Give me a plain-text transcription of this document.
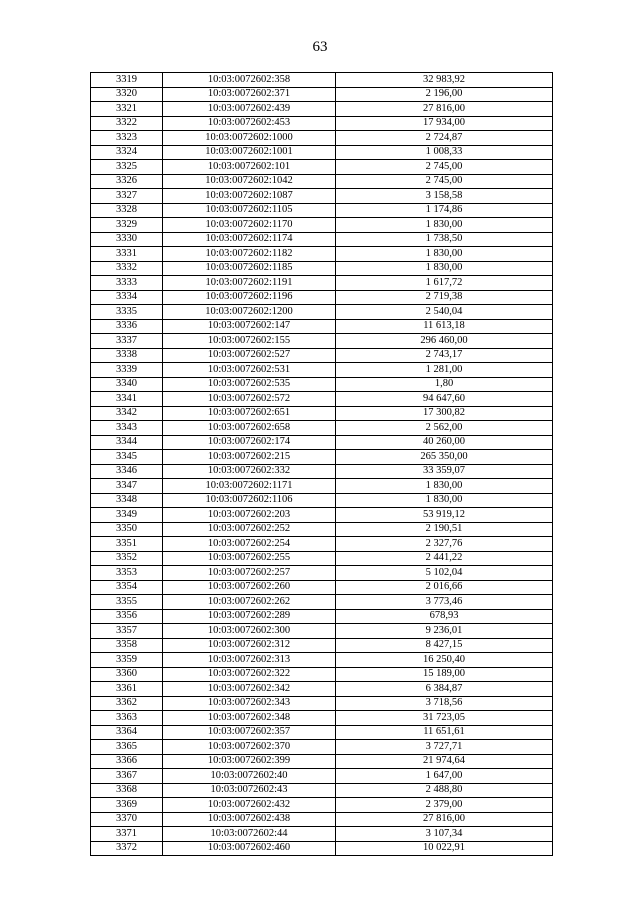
63
3319	10:03:0072602:358	32 983,92
3320	10:03:0072602:371	2 196,00
3321	10:03:0072602:439	27 816,00
3322	10:03:0072602:453	17 934,00
3323	10:03:0072602:1000	2 724,87
3324	10:03:0072602:1001	1 008,33
3325	10:03:0072602:101	2 745,00
3326	10:03:0072602:1042	2 745,00
3327	10:03:0072602:1087	3 158,58
3328	10:03:0072602:1105	1 174,86
3329	10:03:0072602:1170	1 830,00
3330	10:03:0072602:1174	1 738,50
3331	10:03:0072602:1182	1 830,00
3332	10:03:0072602:1185	1 830,00
3333	10:03:0072602:1191	1 617,72
3334	10:03:0072602:1196	2 719,38
3335	10:03:0072602:1200	2 540,04
3336	10:03:0072602:147	11 613,18
3337	10:03:0072602:155	296 460,00
3338	10:03:0072602:527	2 743,17
3339	10:03:0072602:531	1 281,00
3340	10:03:0072602:535	1,80
3341	10:03:0072602:572	94 647,60
3342	10:03:0072602:651	17 300,82
3343	10:03:0072602:658	2 562,00
3344	10:03:0072602:174	40 260,00
3345	10:03:0072602:215	265 350,00
3346	10:03:0072602:332	33 359,07
3347	10:03:0072602:1171	1 830,00
3348	10:03:0072602:1106	1 830,00
3349	10:03:0072602:203	53 919,12
3350	10:03:0072602:252	2 190,51
3351	10:03:0072602:254	2 327,76
3352	10:03:0072602:255	2 441,22
3353	10:03:0072602:257	5 102,04
3354	10:03:0072602:260	2 016,66
3355	10:03:0072602:262	3 773,46
3356	10:03:0072602:289	678,93
3357	10:03:0072602:300	9 236,01
3358	10:03:0072602:312	8 427,15
3359	10:03:0072602:313	16 250,40
3360	10:03:0072602:322	15 189,00
3361	10:03:0072602:342	6 384,87
3362	10:03:0072602:343	3 718,56
3363	10:03:0072602:348	31 723,05
3364	10:03:0072602:357	11 651,61
3365	10:03:0072602:370	3 727,71
3366	10:03:0072602:399	21 974,64
3367	10:03:0072602:40	1 647,00
3368	10:03:0072602:43	2 488,80
3369	10:03:0072602:432	2 379,00
3370	10:03:0072602:438	27 816,00
3371	10:03:0072602:44	3 107,34
3372	10:03:0072602:460	10 022,91
